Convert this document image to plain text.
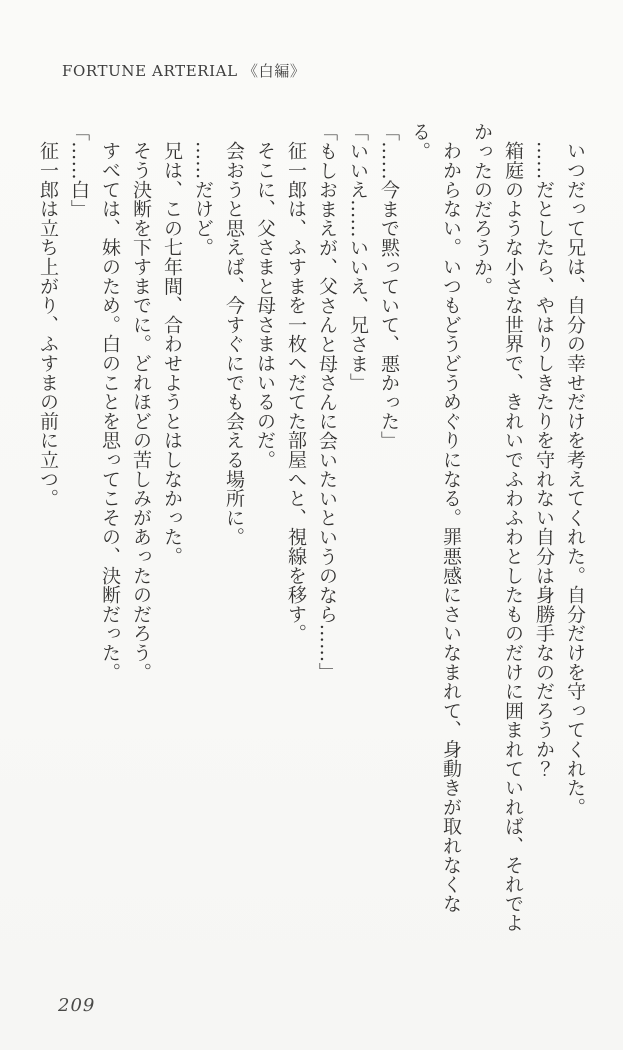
FORTUNE ARTERIAL 《白編》

いつだって兄は、自分の幸せだけを考えてくれた。自分だけを守ってくれた。

……だとしたら、やはりしきたりを守れない自分は身勝手なのだろうか？

箱庭のような小さな世界で、きれいでふわふわとしたものだけに囲まれていれば、それでよかったのだろうか。

わからない。いつもどうどうめぐりになる。罪悪感にさいなまれて、身動きが取れなくなる。

「……今まで黙っていて、悪かった」

「いいえ……いいえ、兄さま」

「もしおまえが、父さんと母さんに会いたいというのなら……」

征一郎は、ふすまを一枚へだてた部屋へと、視線を移す。

そこに、父さまと母さまはいるのだ。

会おうと思えば、今すぐにでも会える場所に。

……だけど。

兄は、この七年間、合わせようとはしなかった。

そう決断を下すまでに。どれほどの苦しみがあったのだろう。

すべては、妹のため。白のことを思ってこその、決断だった。

「……白」

征一郎は立ち上がり、ふすまの前に立つ。

209
